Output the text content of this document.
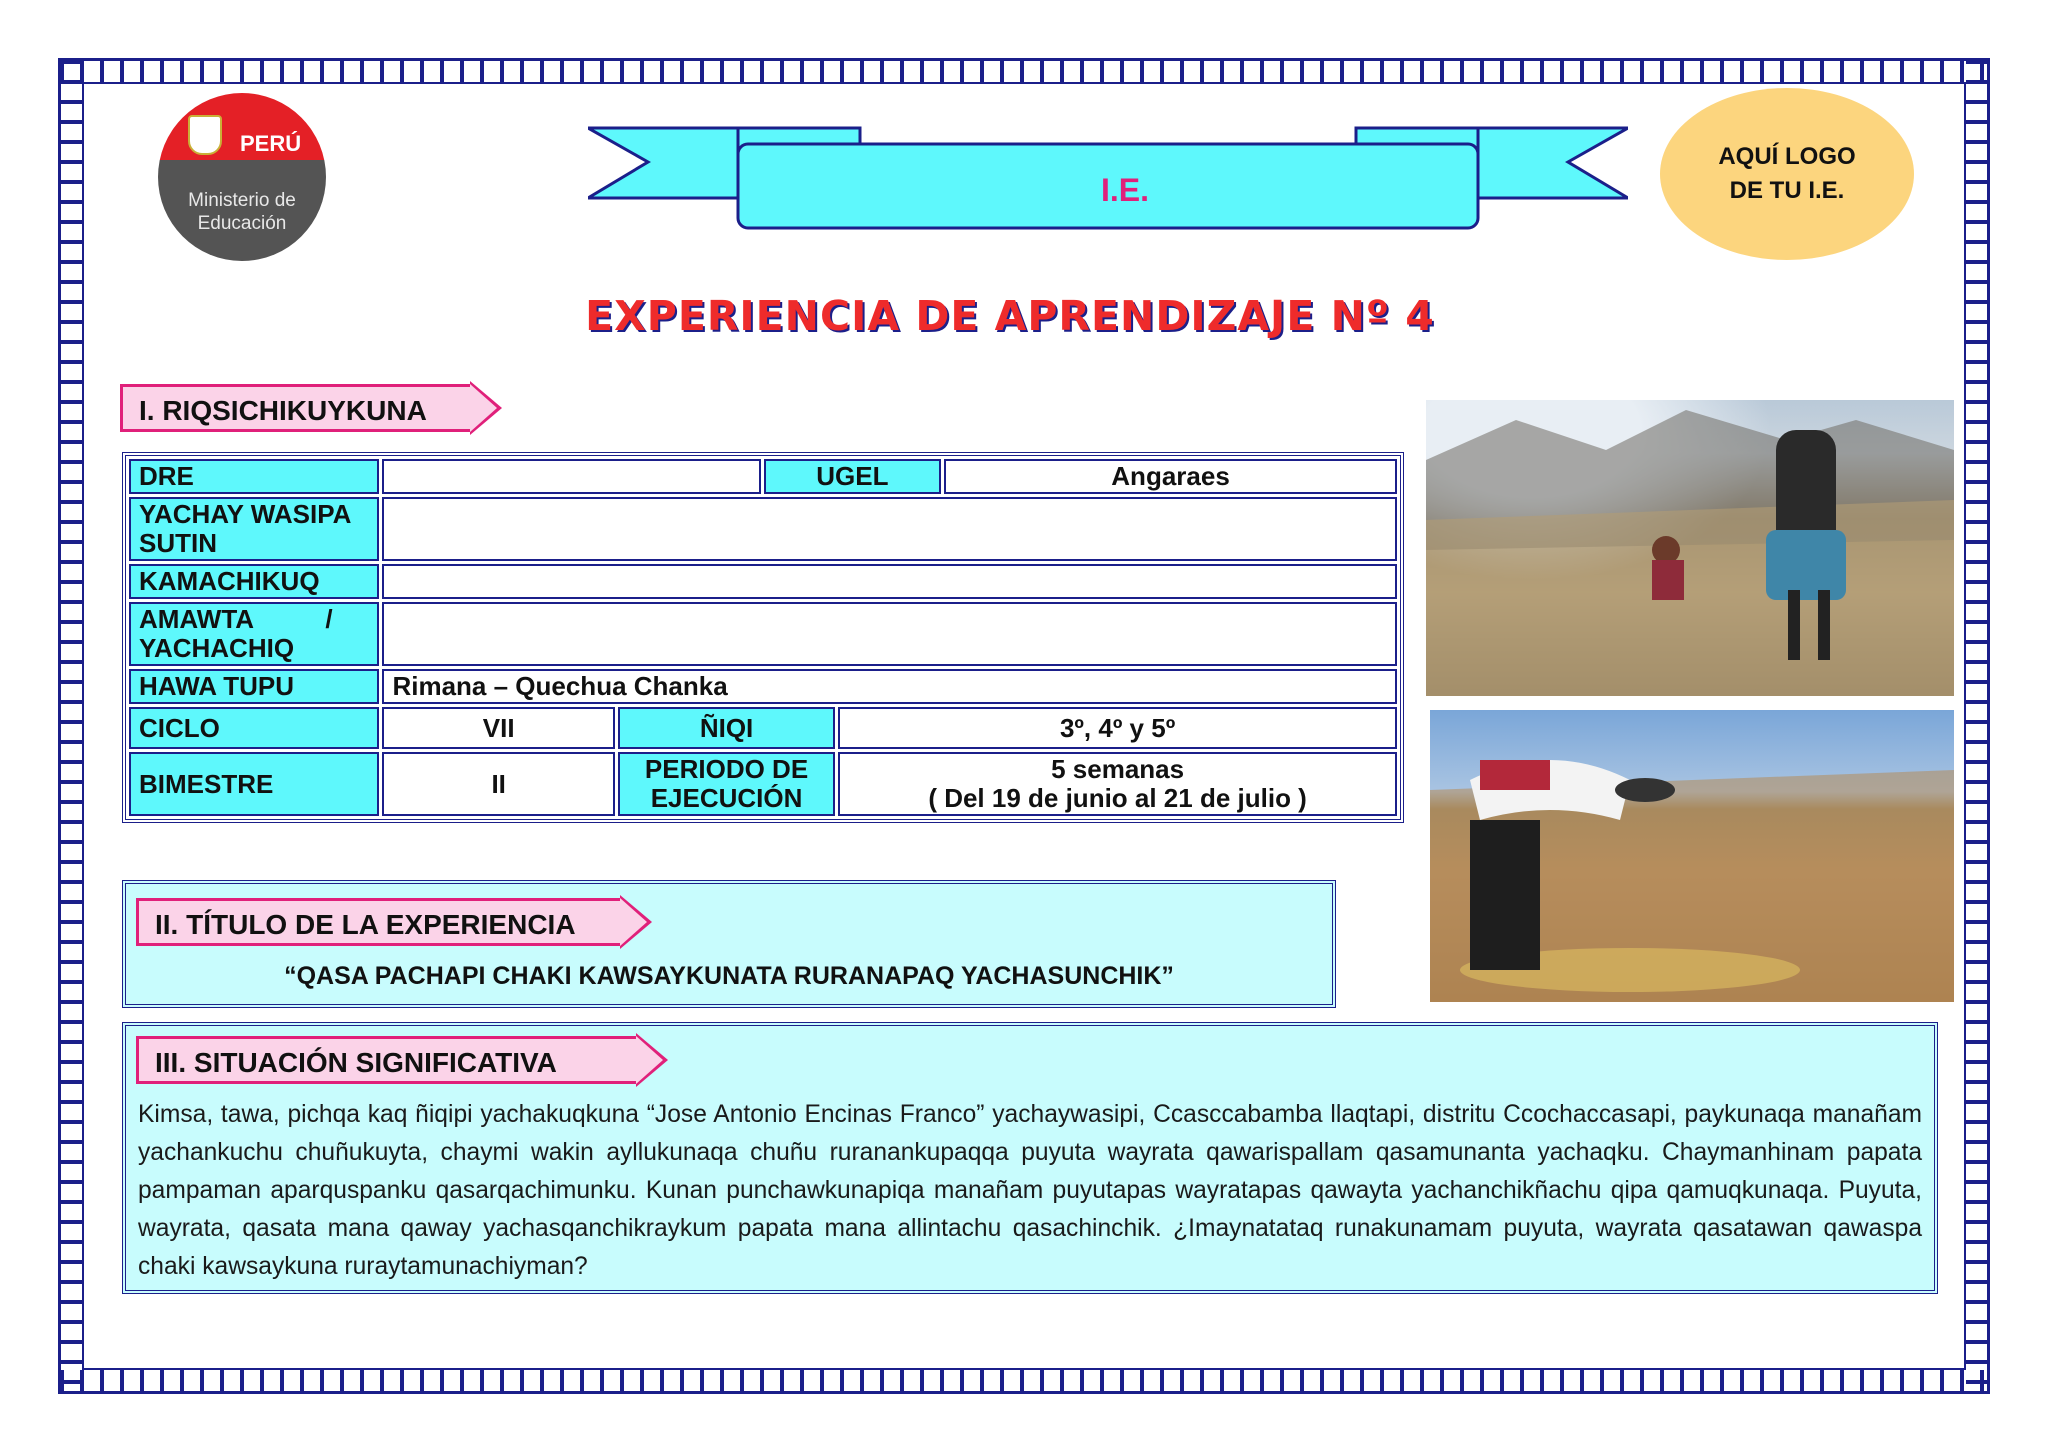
PERÚ
Ministerio de Educación
I.E.
AQUÍ LOGO DE TU I.E.
EXPERIENCIA DE APRENDIZAJE Nº 4
I. RIQSICHIKUYKUNA
DRE			UGEL		Angaraes
YACHAY WASIPA SUTIN					
KAMACHIKUQ					
AMAWTA          /
YACHACHIQ					
HAWA TUPU	Rimana – Quechua Chanka				
CICLO	VII	ÑIQI		3º, 4º y 5º	
BIMESTRE	II	PERIODO DE EJECUCIÓN		5 semanas
( Del 19 de junio al 21 de julio )	
II. TÍTULO DE LA EXPERIENCIA
“QASA PACHAPI CHAKI KAWSAYKUNATA RURANAPAQ YACHASUNCHIK”
III. SITUACIÓN SIGNIFICATIVA
Kimsa, tawa, pichqa kaq ñiqipi yachakuqkuna “Jose Antonio Encinas Franco” yachaywasipi, Ccasccabamba llaqtapi, distritu Ccochaccasapi, paykunaqa manañam yachankuchu chuñukuyta, chaymi wakin ayllukunaqa chuñu ruranankupaqqa puyuta wayrata qawarispallam qasamunanta yachaqku. Chaymanhinam papata pampaman aparquspanku qasarqachimunku. Kunan punchawkunapiqa manañam puyutapas wayratapas qawayta yachanchikñachu qipa qamuqkunaqa. Puyuta, wayrata, qasata mana qaway yachasqanchikraykum papata mana allintachu qasachinchik. ¿Imaynatataq runakunamam puyuta, wayrata qasatawan qawaspa chaki kawsaykuna ruraytamunachiyman?
